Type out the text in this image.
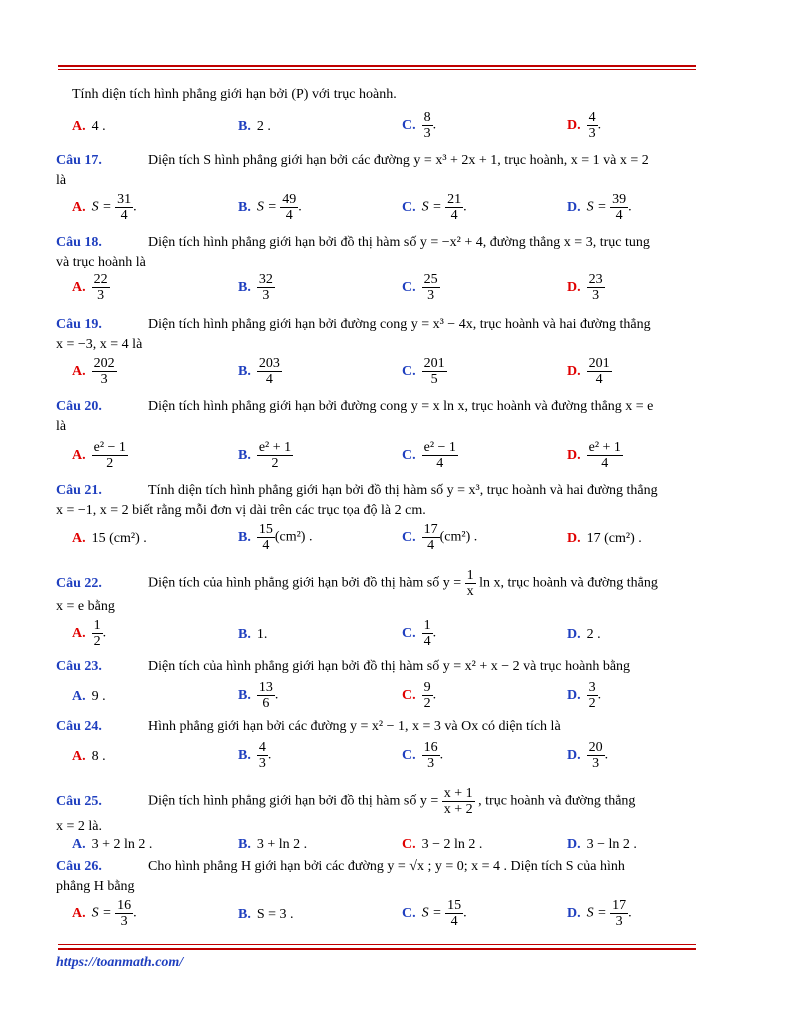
Tính diện tích hình phẳng giới hạn bởi (P) với trục hoành.
A. 4 .	B. 2 .	C. $\frac{8}{3}$ .	D. $\frac{4}{3}$ .
Câu 17.	Diện tích S hình phẳng giới hạn bởi các đường y = x³ + 2x + 1, trục hoành, x = 1 và x = 2
là
A. $S = \frac{31}{4}$ .	B. $S = \frac{49}{4}$ .	C. $S = \frac{21}{4}$ .	D. $S = \frac{39}{4}$ .
Câu 18.	Diện tích hình phẳng giới hạn bởi đồ thị hàm số y = −x² + 4, đường thẳng x = 3, trục tung
và trục hoành là
A. $\frac{22}{3}$	B. $\frac{32}{3}$	C. $\frac{25}{3}$	D. $\frac{23}{3}$
Câu 19.	Diện tích hình phẳng giới hạn bởi đường cong y = x³ − 4x, trục hoành và hai đường thẳng
x = −3, x = 4 là
A. $\frac{202}{3}$	B. $\frac{203}{4}$	C. $\frac{201}{5}$	D. $\frac{201}{4}$
Câu 20.	Diện tích hình phẳng giới hạn bởi đường cong y = x ln x, trục hoành và đường thẳng x = e
là
A. $\frac{\text{e² − 1}}{2}$	B. $\frac{\text{e² + 1}}{2}$	C. $\frac{\text{e² − 1}}{4}$	D. $\frac{\text{e² + 1}}{4}$
Câu 21.	Tính diện tích hình phẳng giới hạn bởi đồ thị hàm số y = x³, trục hoành và hai đường thẳng
x = −1, x = 2 biết rằng mỗi đơn vị dài trên các trục tọa độ là 2 cm.
A. 15 (cm²) .	B. $\frac{15}{4} (cm^2)$ .	C. $\frac{17}{4} (cm^2)$ .	D. 17 (cm²) .
Câu 22.	Diện tích của hình phẳng giới hạn bởi đồ thị hàm số $y = \frac{1}{x}$ ln x, trục hoành và đường thẳng
x = e bằng
A. $\frac{1}{2}$ .	B. 1.	C. $\frac{1}{4}$ .	D. 2 .
Câu 23.	Diện tích của hình phẳng giới hạn bởi đồ thị hàm số y = x² + x − 2 và trục hoành bằng
A. 9 .	B. $\frac{13}{6}$ .	C. $\frac{9}{2}$ .	D. $\frac{3}{2}$ .
Câu 24.	Hình phẳng giới hạn bởi các đường y = x² − 1, x = 3 và Ox có diện tích là
A. 8 .	B. $\frac{4}{3}$ .	C. $\frac{16}{3}$ .	D. $\frac{20}{3}$ .
Câu 25.	Diện tích hình phẳng giới hạn bởi đồ thị hàm số $y = \frac{x + 1}{x + 2}$ , trục hoành và đường thẳng
x = 2 là.
A. 3 + 2 ln 2 .	B. 3 + ln 2 .	C. 3 − 2 ln 2 .	D. 3 − ln 2 .
Câu 26.	Cho hình phẳng H giới hạn bởi các đường y = √x ; y = 0; x = 4 . Diện tích S của hình
phẳng H bằng
A. $S = \frac{16}{3}$ .	B. S = 3 .	C. $S = \frac{15}{4}$ .	D. $S = \frac{17}{3}$ .
https://toanmath.com/
